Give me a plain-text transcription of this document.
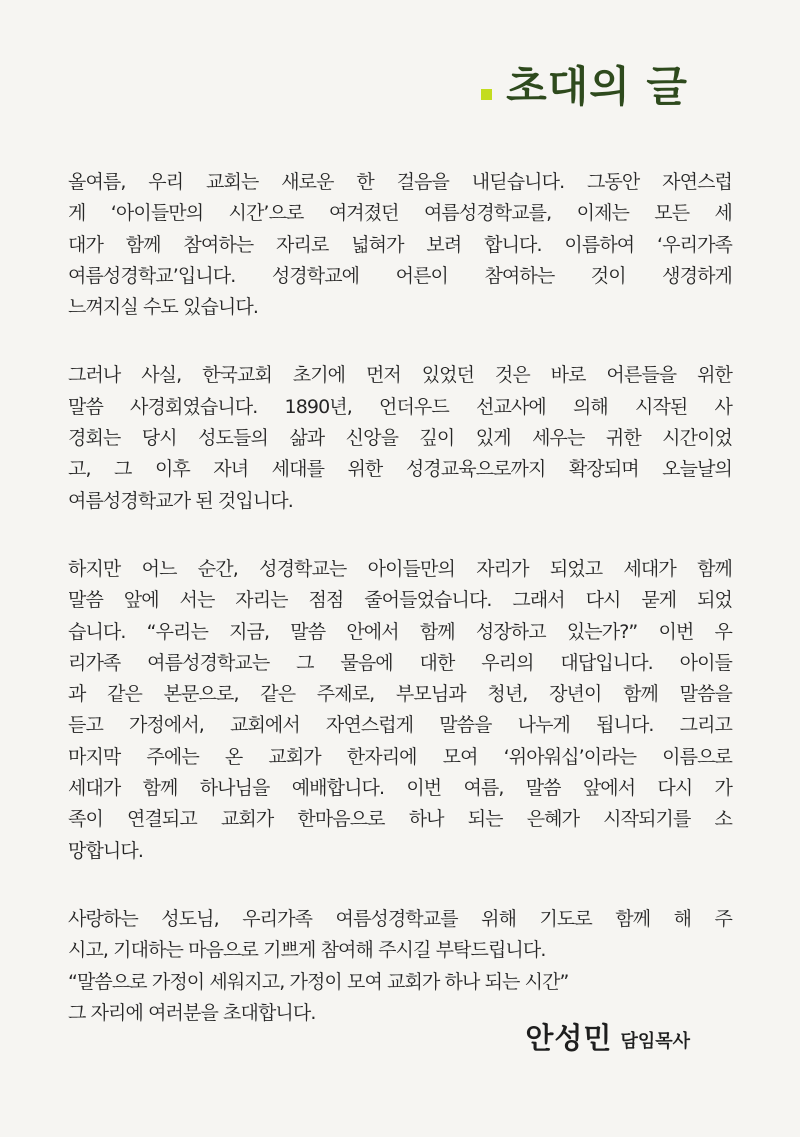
초대의 글
올여름, 우리 교회는 새로운 한 걸음을 내딛습니다. 그동안 자연스럽
게 ‘아이들만의 시간’으로 여겨졌던 여름성경학교를, 이제는 모든 세
대가 함께 참여하는 자리로 넓혀가 보려 합니다. 이름하여 ‘우리가족
여름성경학교’입니다. 성경학교에 어른이 참여하는 것이 생경하게
느껴지실 수도 있습니다.
그러나 사실, 한국교회 초기에 먼저 있었던 것은 바로 어른들을 위한
말씀 사경회였습니다. 1890년, 언더우드 선교사에 의해 시작된 사
경회는 당시 성도들의 삶과 신앙을 깊이 있게 세우는 귀한 시간이었
고, 그 이후 자녀 세대를 위한 성경교육으로까지 확장되며 오늘날의
여름성경학교가 된 것입니다.
하지만 어느 순간, 성경학교는 아이들만의 자리가 되었고 세대가 함께
말씀 앞에 서는 자리는 점점 줄어들었습니다. 그래서 다시 묻게 되었
습니다. “우리는 지금, 말씀 안에서 함께 성장하고 있는가?” 이번 우
리가족 여름성경학교는 그 물음에 대한 우리의 대답입니다. 아이들
과 같은 본문으로, 같은 주제로, 부모님과 청년, 장년이 함께 말씀을
듣고 가정에서, 교회에서 자연스럽게 말씀을 나누게 됩니다. 그리고
마지막 주에는 온 교회가 한자리에 모여 ‘위아워십’이라는 이름으로
세대가 함께 하나님을 예배합니다. 이번 여름, 말씀 앞에서 다시 가
족이 연결되고 교회가 한마음으로 하나 되는 은혜가 시작되기를 소
망합니다.
사랑하는 성도님, 우리가족 여름성경학교를 위해 기도로 함께 해 주
시고, 기대하는 마음으로 기쁘게 참여해 주시길 부탁드립니다.
“말씀으로 가정이 세워지고, 가정이 모여 교회가 하나 되는 시간”
그 자리에 여러분을 초대합니다.
안성민 담임목사
